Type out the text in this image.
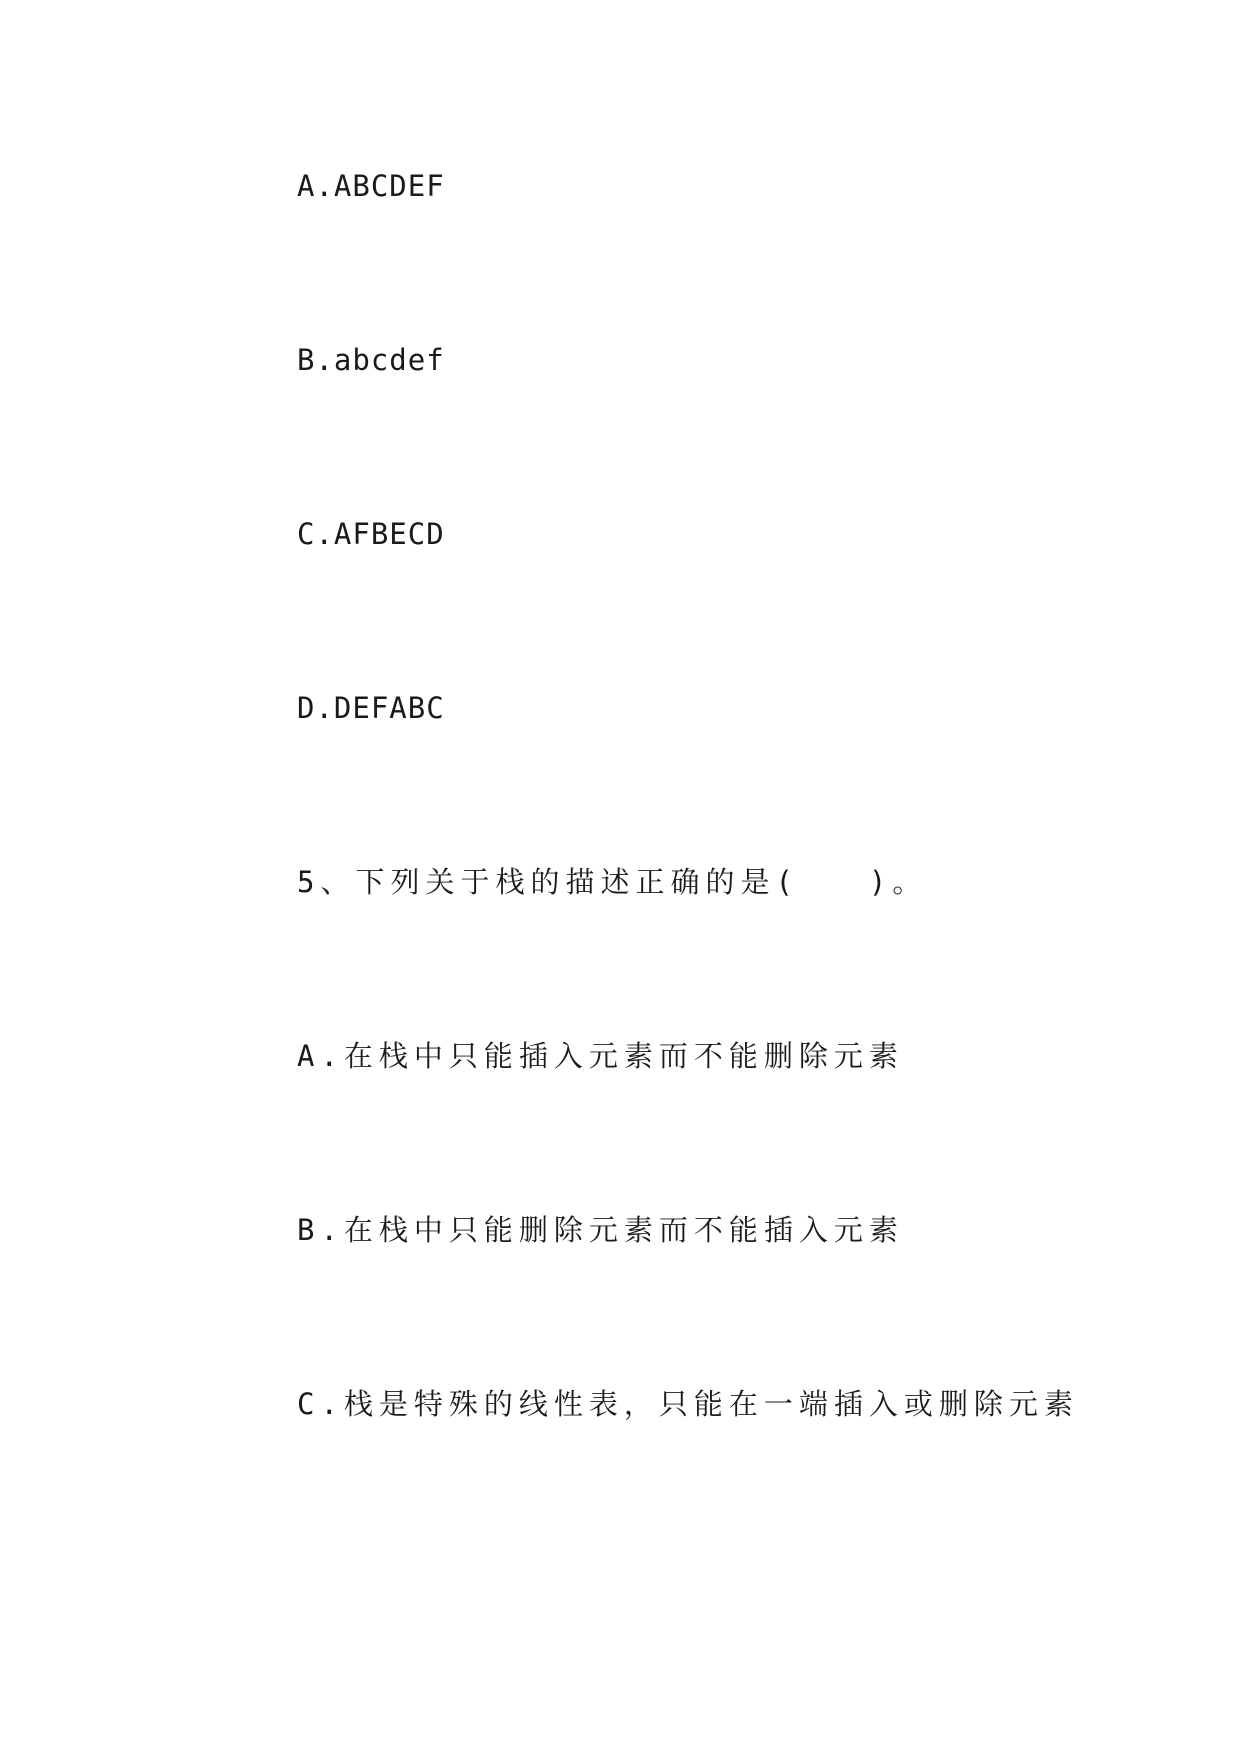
A.ABCDEF

B.abcdef

C.AFBECD

D.DEFABC

5、下列关于栈的描述正确的是(　　)。

A.在栈中只能插入元素而不能删除元素

B.在栈中只能删除元素而不能插入元素

C.栈是特殊的线性表，只能在一端插入或删除元素
